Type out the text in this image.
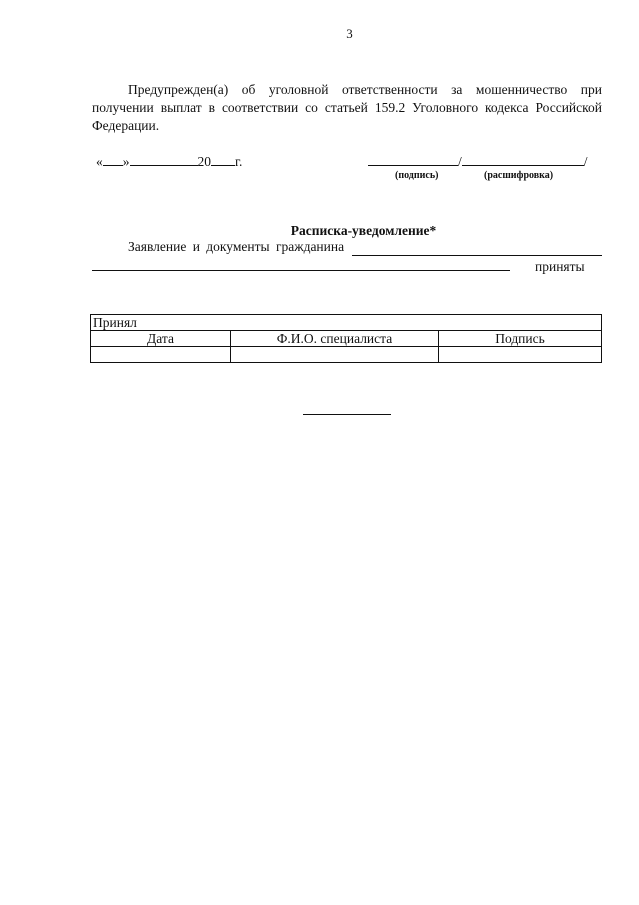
3
Предупрежден(а) об уголовной ответственности за мошенничество при получении выплат в соответствии со статьей 159.2 Уголовного кодекса Российской Федерации.
« »	20 г.	/	/
(подпись)	(расшифровка)
Расписка-уведомление*
Заявление и документы гражданина
приняты
Принял		
Дата	Ф.И.О. специалиста	Подпись
